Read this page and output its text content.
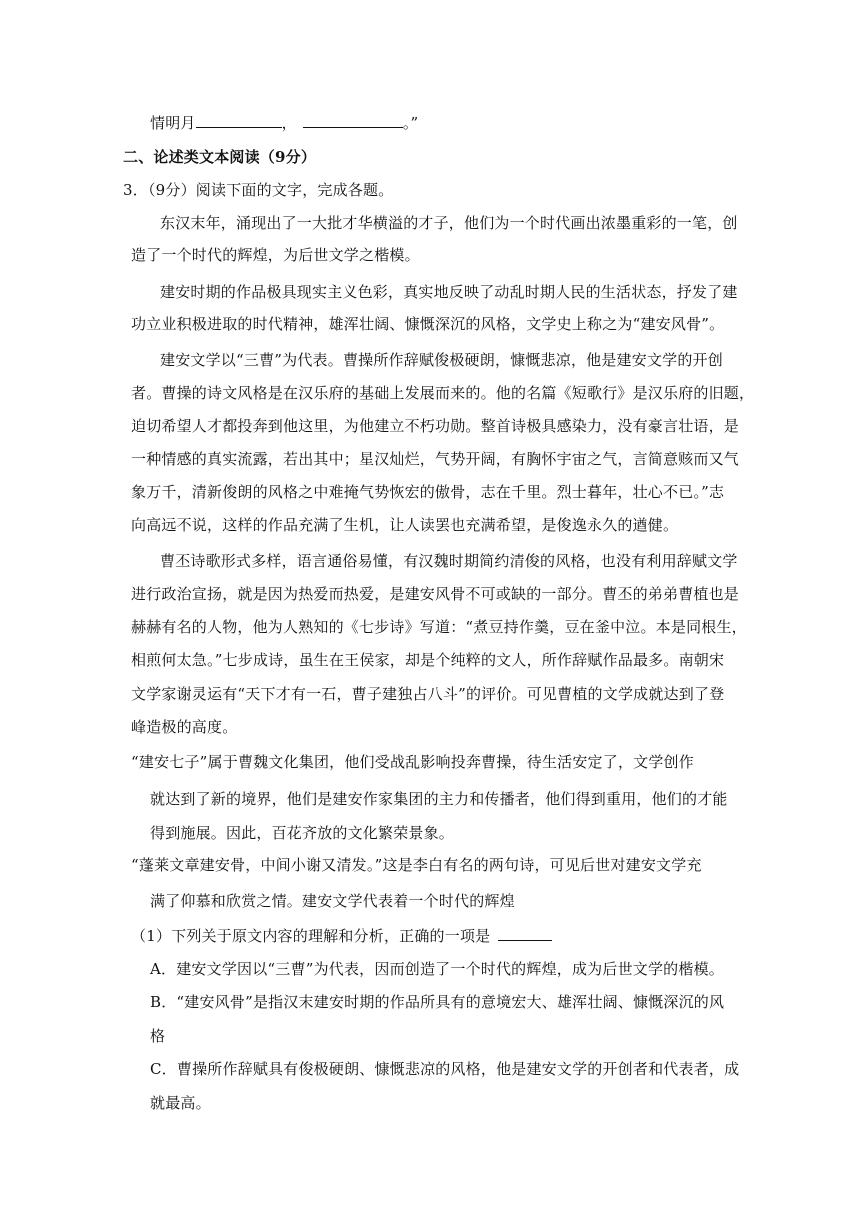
情明月	，	。”
二、论述类文本阅读（9分）
3．（9分）阅读下面的文字，完成各题。
东汉末年，涌现出了一大批才华横溢的才子，他们为一个时代画出浓墨重彩的一笔，创
造了一个时代的辉煌，为后世文学之楷模。
建安时期的作品极具现实主义色彩，真实地反映了动乱时期人民的生活状态，抒发了建
功立业积极进取的时代精神，雄浑壮阔、慷慨深沉的风格，文学史上称之为“建安风骨”。
建安文学以“三曹”为代表。曹操所作辞赋俊极硬朗，慷慨悲凉，他是建安文学的开创
者。曹操的诗文风格是在汉乐府的基础上发展而来的。他的名篇《短歌行》是汉乐府的旧题，
迫切希望人才都投奔到他这里，为他建立不朽功勋。整首诗极具感染力，没有豪言壮语，是
一种情感的真实流露，若出其中；星汉灿烂，气势开阔，有胸怀宇宙之气，言简意赅而又气
象万千，清新俊朗的风格之中难掩气势恢宏的傲骨，志在千里。烈士暮年，壮心不已。”志
向高远不说，这样的作品充满了生机，让人读罢也充满希望，是俊逸永久的遒健。
曹丕诗歌形式多样，语言通俗易懂，有汉魏时期简约清俊的风格，也没有利用辞赋文学
进行政治宣扬，就是因为热爱而热爱，是建安风骨不可或缺的一部分。曹丕的弟弟曹植也是
赫赫有名的人物，他为人熟知的《七步诗》写道：“煮豆持作羹，豆在釜中泣。本是同根生，
相煎何太急。”七步成诗，虽生在王侯家，却是个纯粹的文人，所作辞赋作品最多。南朝宋
文学家谢灵运有“天下才有一石，曹子建独占八斗”的评价。可见曹植的文学成就达到了登
峰造极的高度。
“建安七子”属于曹魏文化集团，他们受战乱影响投奔曹操，待生活安定了，文学创作
就达到了新的境界，他们是建安作家集团的主力和传播者，他们得到重用，他们的才能
得到施展。因此，百花齐放的文化繁荣景象。
“蓬莱文章建安骨，中间小谢又清发。”这是李白有名的两句诗，可见后世对建安文学充
满了仰慕和欣赏之情。建安文学代表着一个时代的辉煌
（1）下列关于原文内容的理解和分析，正确的一项是
A．建安文学因以“三曹”为代表，因而创造了一个时代的辉煌，成为后世文学的楷模。
B．“建安风骨”是指汉末建安时期的作品所具有的意境宏大、雄浑壮阔、慷慨深沉的风
格
C．曹操所作辞赋具有俊极硬朗、慷慨悲凉的风格，他是建安文学的开创者和代表者，成
就最高。
